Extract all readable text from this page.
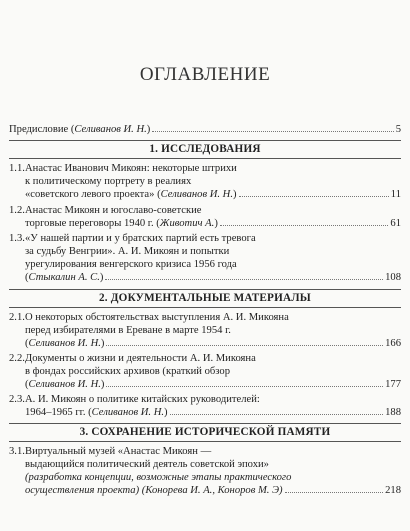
ОГЛАВЛЕНИЕ
Предисловие (Селиванов И. Н.)	5
1. ИССЛЕДОВАНИЯ
1.1.Анастас Иванович Микоян: некоторые штрихи
к политическому портрету в реалиях
«советского левого проекта» (Селиванов И. Н.)	11
1.2.Анастас Микоян и югославо-советские
торговые переговоры 1940 г. (Животич А.)	61
1.3.«У нашей партии и у братских партий есть тревога
за судьбу Венгрии». А. И. Микоян и попытки
урегулирования венгерского кризиса 1956 года
(Стыкалин А. С.)	108
2. ДОКУМЕНТАЛЬНЫЕ МАТЕРИАЛЫ
2.1.О некоторых обстоятельствах выступления А. И. Микояна
перед избирателями в Ереване в марте 1954 г.
(Селиванов И. Н.)	166
2.2.Документы о жизни и деятельности А. И. Микояна
в фондах российских архивов (краткий обзор
(Селиванов И. Н.)	177
2.3.А. И. Микоян о политике китайских руководителей:
1964–1965 гг. (Селиванов И. Н.)	188
3. СОХРАНЕНИЕ ИСТОРИЧЕСКОЙ ПАМЯТИ
3.1.Виртуальный музей «Анастас Микоян —
выдающийся политический деятель советской эпохи»
(разработка концепции, возможные этапы практического
осуществления проекта) (Конорева И. А., Коноров М. Э)	218
